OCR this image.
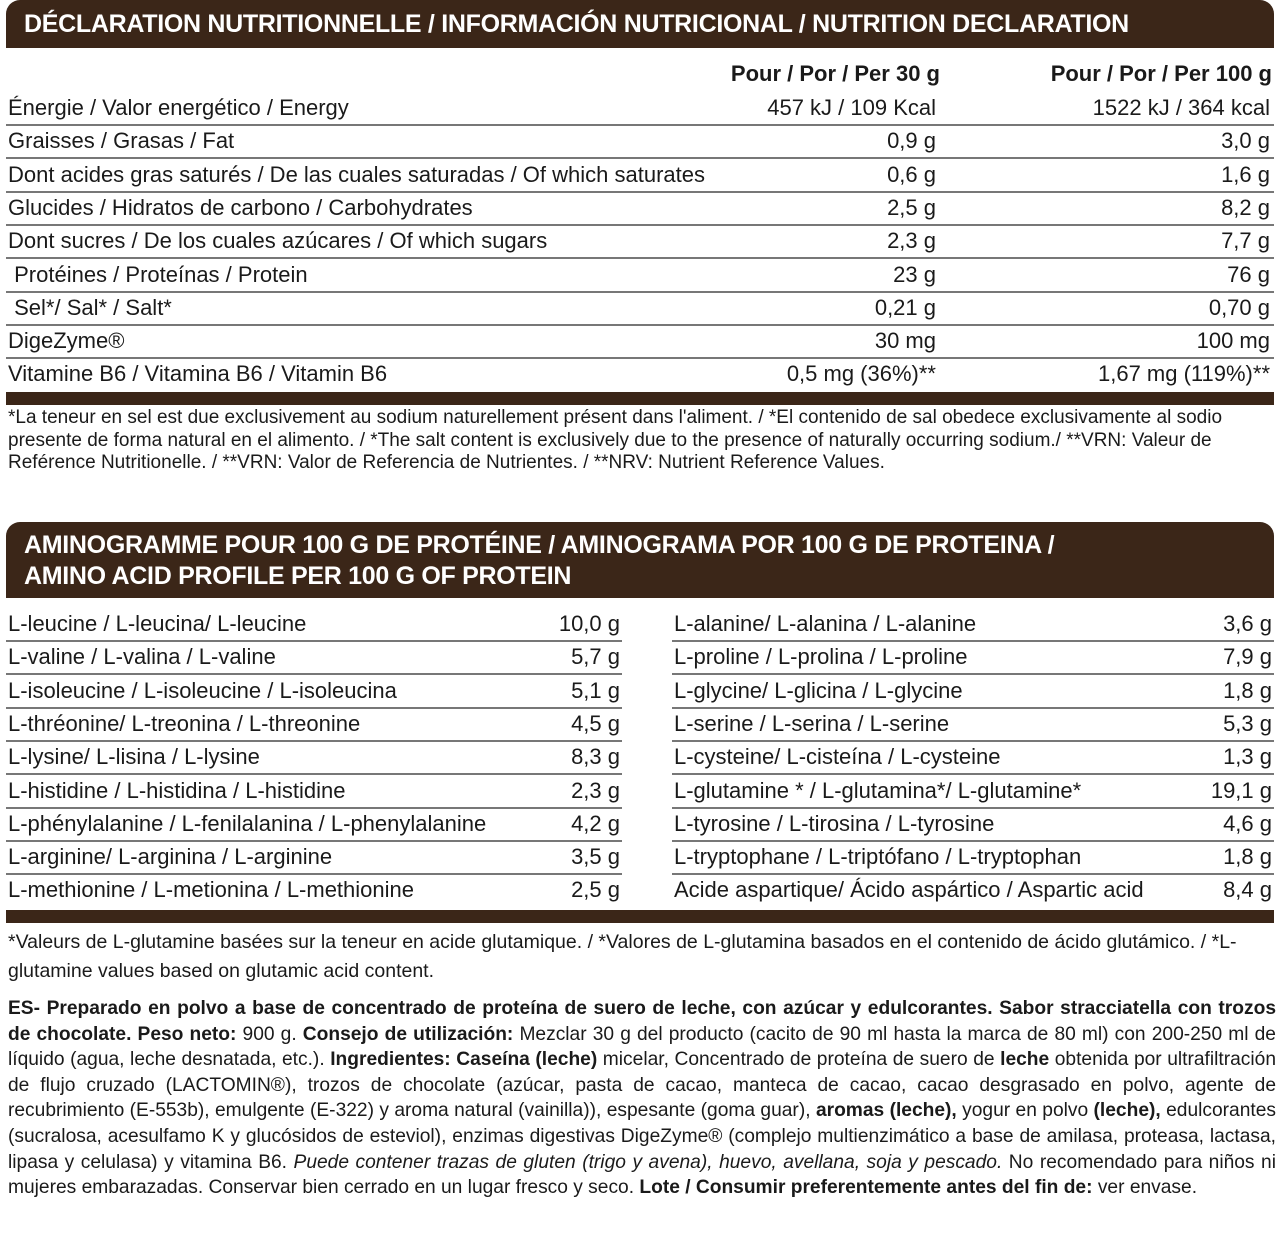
DÉCLARATION NUTRITIONNELLE / INFORMACIÓN NUTRICIONAL / NUTRITION DECLARATION
Pour / Por / Per 30 g	Pour / Por / Per 100 g
Énergie / Valor energético / Energy	457 kJ / 109 Kcal	1522 kJ / 364 kcal
Graisses / Grasas / Fat	0,9 g	3,0 g
Dont acides gras saturés / De las cuales saturadas / Of which saturates	0,6 g	1,6 g
Glucides / Hidratos de carbono / Carbohydrates	2,5 g	8,2 g
Dont sucres / De los cuales azúcares / Of which sugars	2,3 g	7,7 g
Protéines / Proteínas / Protein	23 g	76 g
Sel*/ Sal* / Salt*	0,21 g	0,70 g
DigeZyme®	30 mg	100 mg
Vitamine B6 / Vitamina B6 / Vitamin B6	0,5 mg (36%)**	1,67 mg (119%)**
*La teneur en sel est due exclusivement au sodium naturellement présent dans l'aliment. / *El contenido de sal obedece exclusivamente al sodio presente de forma natural en el alimento. / *The salt content is exclusively due to the presence of naturally occurring sodium./ **VRN: Valeur de Reférence Nutritionelle. / **VRN: Valor de Referencia de Nutrientes. / **NRV: Nutrient Reference Values.
AMINOGRAMME POUR 100 G DE PROTÉINE / AMINOGRAMA POR 100 G DE PROTEINA /
AMINO ACID PROFILE PER 100 G OF PROTEIN
L-leucine / L-leucina/ L-leucine	10,0 g
L-valine / L-valina / L-valine	5,7 g
L-isoleucine / L-isoleucine / L-isoleucina	5,1 g
L-thréonine/ L-treonina / L-threonine	4,5 g
L-lysine/ L-lisina / L-lysine	8,3 g
L-histidine / L-histidina / L-histidine	2,3 g
L-phénylalanine / L-fenilalanina / L-phenylalanine	4,2 g
L-arginine/ L-arginina / L-arginine	3,5 g
L-methionine / L-metionina / L-methionine	2,5 g
L-alanine/ L-alanina / L-alanine	3,6 g
L-proline / L-prolina / L-proline	7,9 g
L-glycine/ L-glicina / L-glycine	1,8 g
L-serine / L-serina / L-serine	5,3 g
L-cysteine/ L-cisteína / L-cysteine	1,3 g
L-glutamine * / L-glutamina*/ L-glutamine*	19,1 g
L-tyrosine / L-tirosina / L-tyrosine	4,6 g
L-tryptophane / L-triptófano / L-tryptophan	1,8 g
Acide aspartique/ Ácido aspártico / Aspartic acid	8,4 g
*Valeurs de L-glutamine basées sur la teneur en acide glutamique. / *Valores de L-glutamina basados en el contenido de ácido glutámico. / *L-glutamine values based on glutamic acid content.
ES- Preparado en polvo a base de concentrado de proteína de suero de leche, con azúcar y edulcorantes. Sabor stracciatella con trozos de chocolate. Peso neto: 900 g. Consejo de utilización: Mezclar 30 g del producto (cacito de 90 ml hasta la marca de 80 ml) con 200-250 ml de líquido (agua, leche desnatada, etc.). Ingredientes: Caseína (leche) micelar, Concentrado de proteína de suero de leche obtenida por ultrafiltración de flujo cruzado (LACTOMIN®), trozos de chocolate (azúcar, pasta de cacao, manteca de cacao, cacao desgrasado en polvo, agente de recubrimiento (E-553b), emulgente (E-322) y aroma natural (vainilla)), espesante (goma guar), aromas (leche), yogur en polvo (leche), edulcorantes (sucralosa, acesulfamo K y glucósidos de esteviol), enzimas digestivas DigeZyme® (complejo multienzimático a base de amilasa, proteasa, lactasa, lipasa y celulasa) y vitamina B6. Puede contener trazas de gluten (trigo y avena), huevo, avellana, soja y pescado. No recomendado para niños ni mujeres embarazadas. Conservar bien cerrado en un lugar fresco y seco. Lote / Consumir preferentemente antes del fin de: ver envase.
